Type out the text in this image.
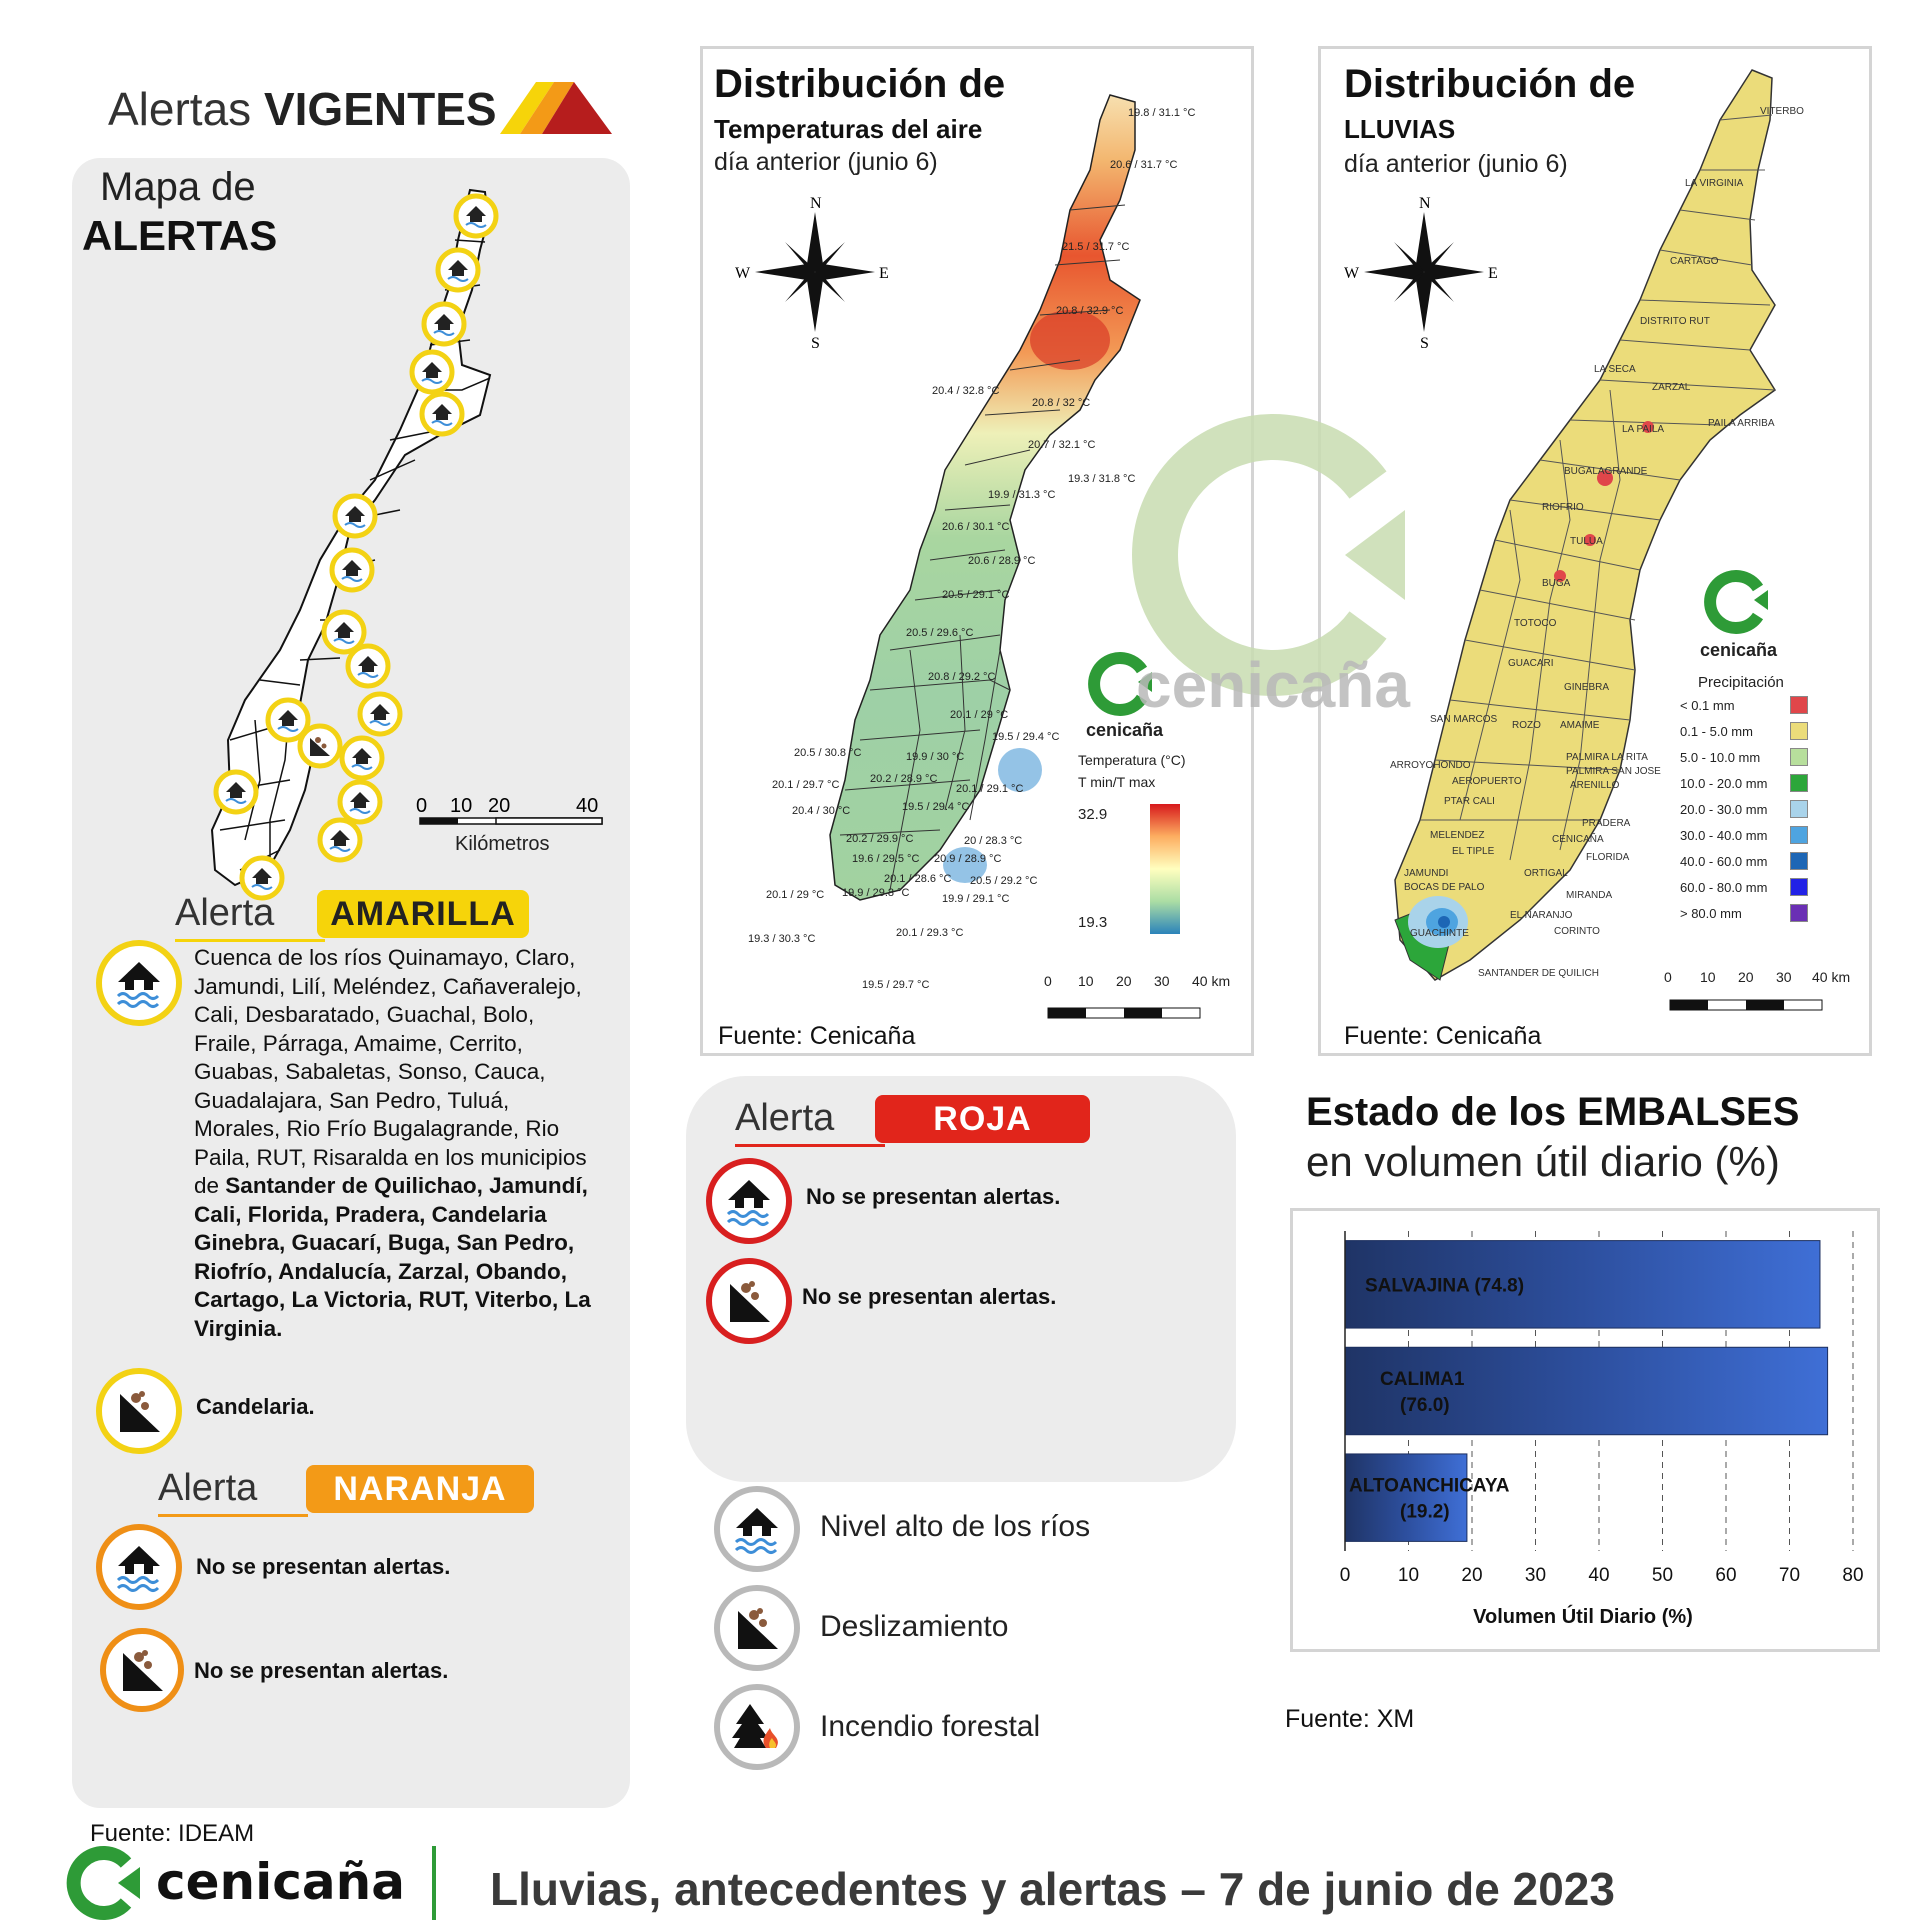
Alertas VIGENTES
Mapa de
ALERTAS
0 10 20	40
Kilómetros
Alerta	AMARILLA
Cuenca de los ríos Quinamayo, Claro, Jamundi, Lilí, Meléndez, Cañaveralejo, Cali, Desbaratado, Guachal, Bolo, Fraile, Párraga, Amaime, Cerrito, Guabas, Sabaletas, Sonso, Cauca, Guadalajara, San Pedro, Tuluá, Morales, Rio Frío Bugalagrande, Rio Paila, RUT, Risaralda en los municipios de Santander de Quilichao, Jamundí, Cali, Florida, Pradera, Candelaria Ginebra, Guacarí, Buga, San Pedro, Riofrío, Andalucía, Zarzal, Obando, Cartago, La Victoria, RUT, Viterbo, La Virginia.
Candelaria.
Alerta	NARANJA
No se presentan alertas.
No se presentan alertas.
Fuente: IDEAM
Distribución de
Temperaturas del aire
día anterior (junio 6)
N
S
W	E
19.8 / 31.1 °C
20.6 / 31.7 °C
21.5 / 31.7 °C
20.8 / 32.9 °C
20.4 / 32.8 °C
20.8 / 32 °C
20.7 / 32.1 °C
19.3 / 31.8 °C
19.9 / 31.3 °C
20.6 / 30.1 °C
20.6 / 28.9 °C
20.5 / 29.1 °C
20.5 / 29.6 °C
20.8 / 29.2 °C
20.1 / 29 °C
19.5 / 29.4 °C
20.5 / 30.8 °C	19.9 / 30 °C
20.1 / 29.7 °C	20.2 / 28.9 °C
20.1 / 29.1 °C
20.4 / 30 °C	19.5 / 29.4 °C
20.2 / 29.9 °C	20 / 28.3 °C
19.6 / 29.5 °C 20.9 / 28.9 °C
20.1 / 28.6 °C 20.5 / 29.2 °C
20.1 / 29 °C	19.9 / 29.1 °C
19.9 / 29.8 °C
19.3 / 30.3 °C	20.1 / 29.3 °C
19.5 / 29.7 °C
cenicaña
Temperatura (°C)
T min/T max
32.9
19.3
0 10 20 30 40 km
Fuente: Cenicaña
Distribución de
LLUVIAS
día anterior (junio 6)
N
S
W	E
VITERBO
LA VIRGINIA
CARTAGO
DISTRITO RUT
LA SECA
ZARZAL
LA PAILA
PAILA ARRIBA
BUGALAGRANDE
RIOFRIO
TULUA
BUGA
TOTOCO
GUACARI
GINEBRA
SAN MARCOS
ROZO AMAIME
PALMIRA LA RITA
PALMIRA SAN JOSE
ARENILLO
ARROYOHONDO
AEROPUERTO
PTAR CALI
PRADERA
CENICAÑA
MELENDEZ
EL TIPLE
FLORIDA
JAMUNDI
BOCAS DE PALO
ORTIGAL
MIRANDA
GUACHINTE
EL NARANJO
CORINTO
SANTANDER DE QUILICH
cenicaña
Precipitación
< 0.1 mm
0.1 - 5.0 mm
5.0 - 10.0 mm
10.0 - 20.0 mm
20.0 - 30.0 mm
30.0 - 40.0 mm
40.0 - 60.0 mm
60.0 - 80.0 mm
> 80.0 mm
0 10 20 30 40 km
Fuente: Cenicaña
cenicaña
Alerta	ROJA
No se presentan alertas.
No se presentan alertas.
Nivel alto de los ríos
Deslizamiento
Incendio forestal
Estado de los EMBALSES
en volumen útil diario (%)
SALVAJINA (74.8)
CALIMA1 (76.0)
ALTOANCHICAYA (19.2)
0	10 20 30 40 50 60 70 80
Volumen Útil Diario (%)
Fuente: XM
cenicaña Lluvias, antecedentes y alertas – 7 de junio de 2023
